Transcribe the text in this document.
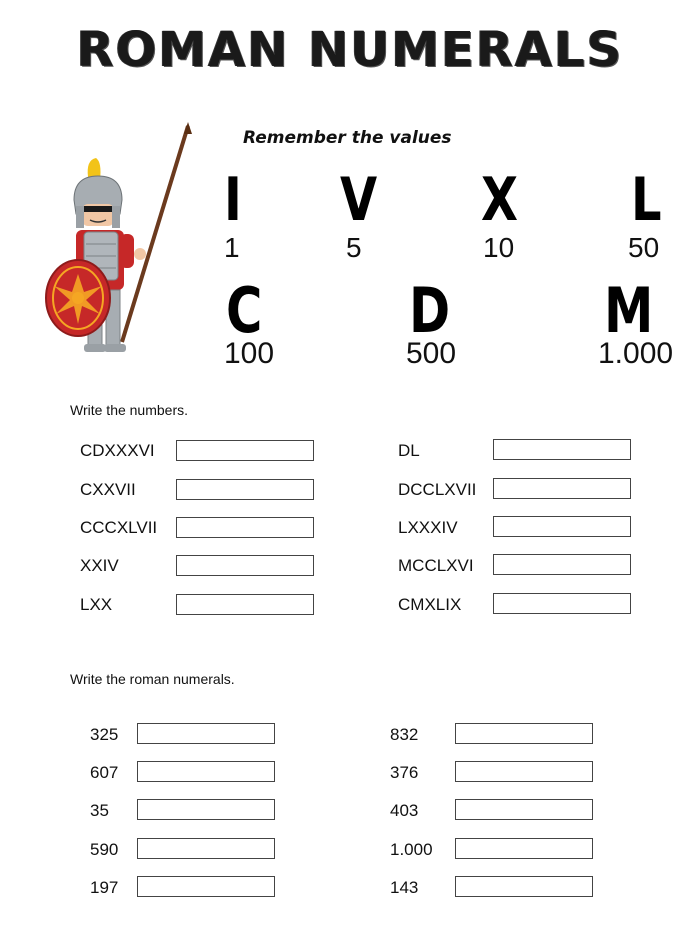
ROMAN NUMERALS
Remember the values
I
1
V
5
X
10
L
50
C
100
D
500
M
1.000
Write the numbers.
CDXXXVI
CXXVII
CCCXLVII
XXIV
LXX
DL
DCCLXVII
LXXXIV
MCCLXVI
CMXLIX
Write the roman numerals.
325
607
35
590
197
832
376
403
1.000
143
